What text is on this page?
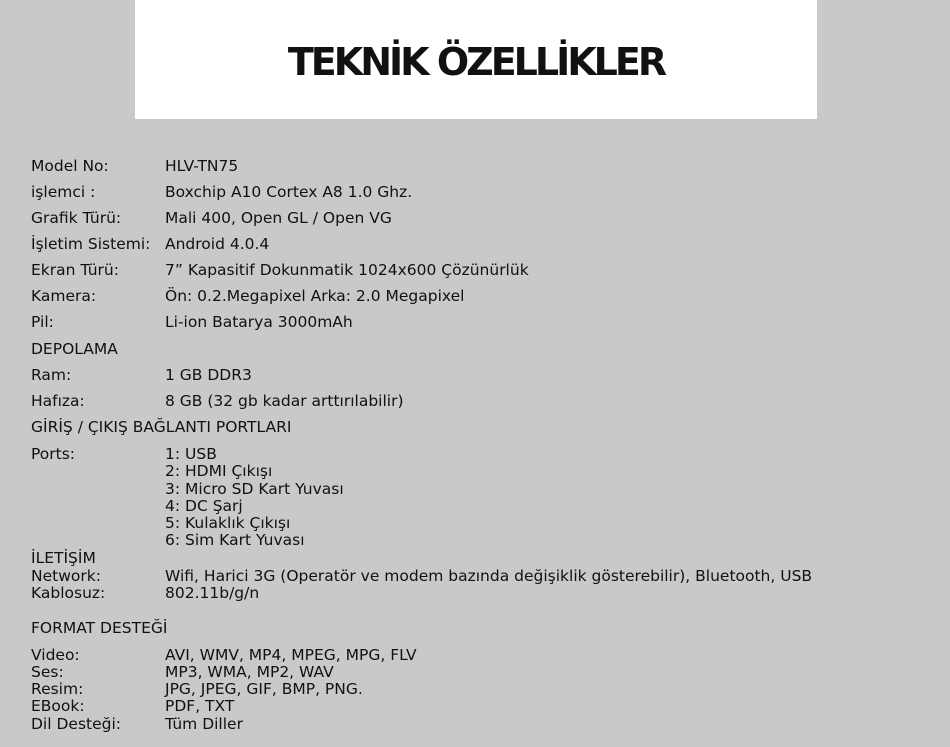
TEKNİK ÖZELLİKLER
Model No:	HLV-TN75
işlemci :	Boxchip A10 Cortex A8 1.0 Ghz.
Grafik Türü:	Mali 400, Open GL / Open VG
İşletim Sistemi: Android 4.0.4
Ekran Türü:	7” Kapasitif Dokunmatik 1024x600 Çözünürlük
Kamera:	Ön: 0.2.Megapixel Arka: 2.0 Megapixel
Pil:	Li-ion Batarya 3000mAh
DEPOLAMA
Ram:	1 GB DDR3
Hafıza:	8 GB (32 gb kadar arttırılabilir)
GİRİŞ / ÇIKIŞ BAĞLANTI PORTLARI
Ports:	1: USB
2: HDMI Çıkışı
3: Micro SD Kart Yuvası
4: DC Şarj
5: Kulaklık Çıkışı
6: Sim Kart Yuvası
İLETİŞİM
Network:	Wifi, Harici 3G (Operatör ve modem bazında değişiklik gösterebilir), Bluetooth, USB
Kablosuz:	802.11b/g/n
FORMAT DESTEĞİ
Video:	AVI, WMV, MP4, MPEG, MPG, FLV
Ses:	MP3, WMA, MP2, WAV
Resim:	JPG, JPEG, GIF, BMP, PNG.
EBook:	PDF, TXT
Dil Desteği:	Tüm Diller
